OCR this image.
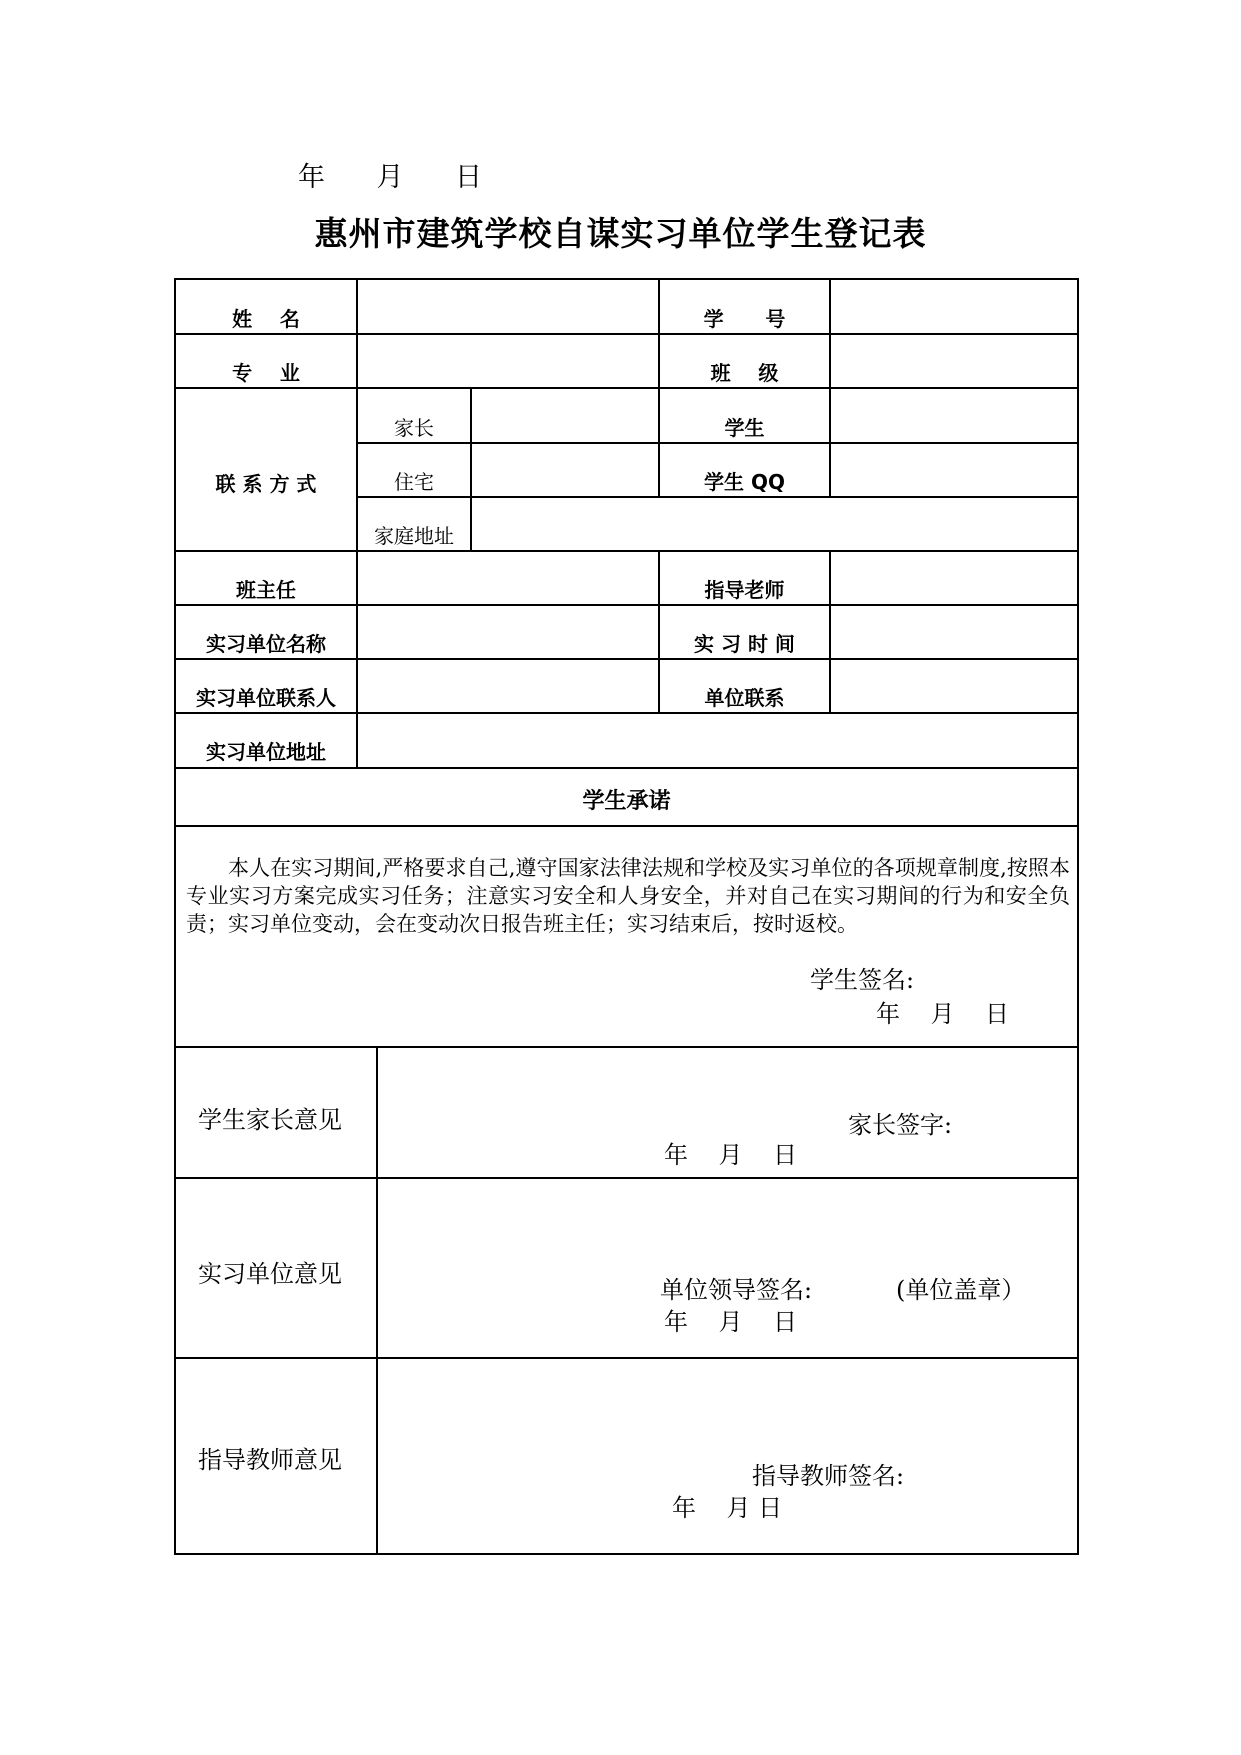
年      月      日
惠州市建筑学校自谋实习单位学生登记表
姓    名	学      号
专    业	班    级
联 系 方 式
家长	学生
住宅	学生 QQ
家庭地址
班主任	指导老师
实习单位名称	实 习 时 间
实习单位联系人	单位联系
实习单位地址
学生承诺
本人在实习期间,严格要求自己,遵守国家法律法规和学校及实习单位的各项规章制度,按照本专业实习方案完成实习任务；注意实习安全和人身安全，并对自己在实习期间的行为和安全负责；实习单位变动，会在变动次日报告班主任；实习结束后，按时返校。
学生签名:
年    月    日
学生家长意见	家长签字:
年    月    日
实习单位意见
单位领导签名:	(单位盖章）
年    月    日
指导教师意见
指导教师签名:
年    月 日
